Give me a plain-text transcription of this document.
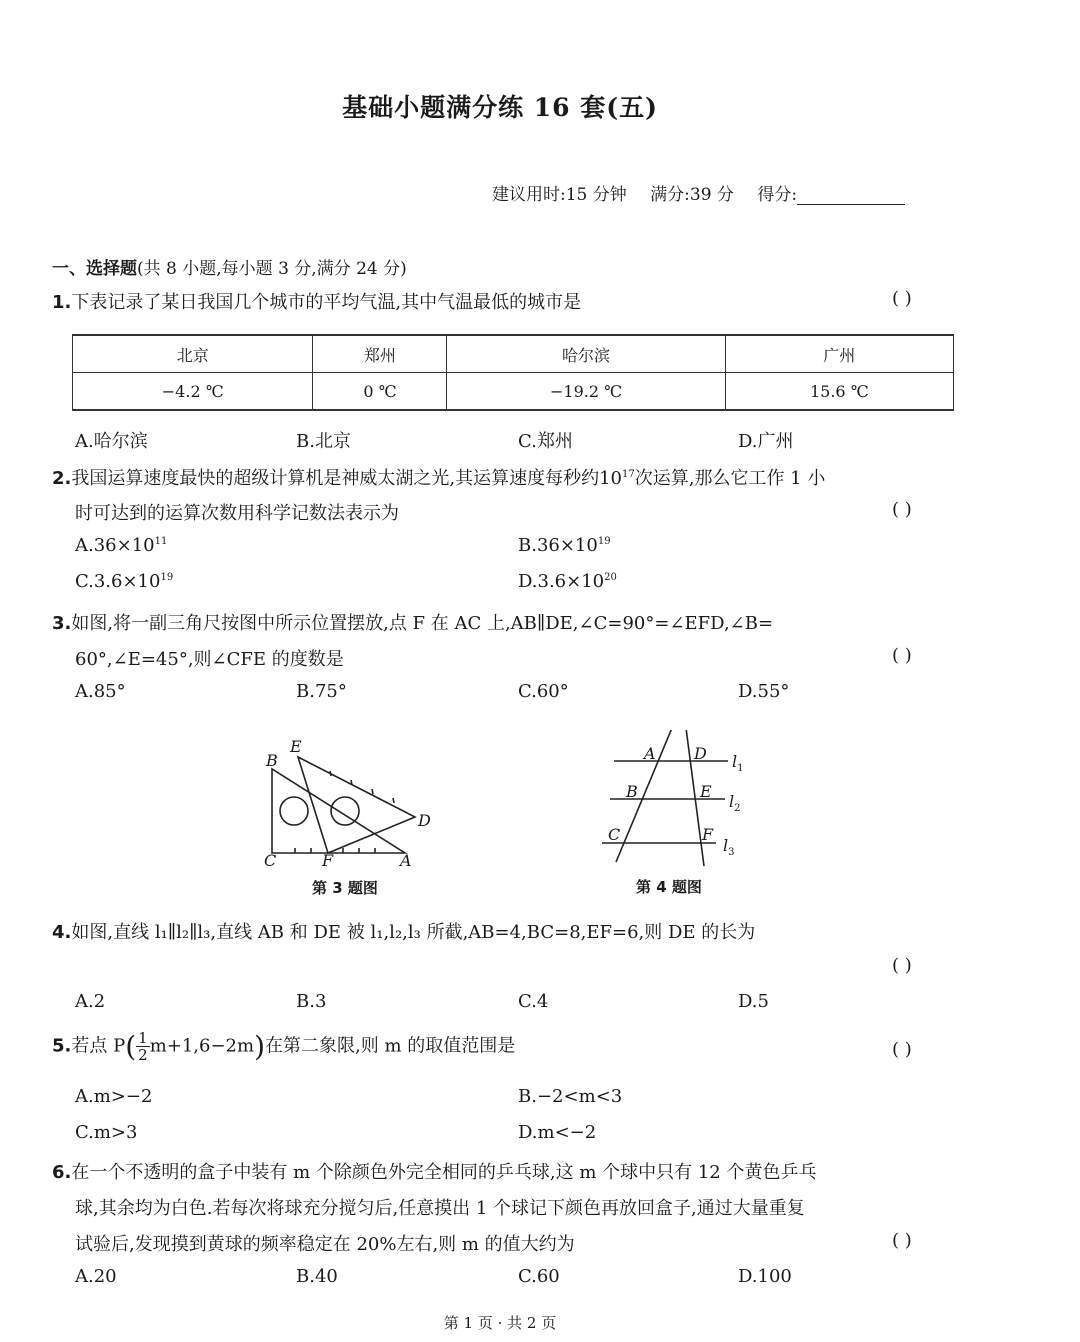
基础小题满分练 16 套(五)
建议用时:15 分钟 满分:39 分 得分:
一、选择题(共 8 小题,每小题 3 分,满分 24 分)
1.下表记录了某日我国几个城市的平均气温,其中气温最低的城市是	( )
北京	郑州	哈尔滨	广州
−4.2 ℃	0 ℃	−19.2 ℃	15.6 ℃
A.哈尔滨	B.北京	C.郑州	D.广州
2.我国运算速度最快的超级计算机是神威太湖之光,其运算速度每秒约$10^{17}$次运算,那么它工作 1 小
时可达到的运算次数用科学记数法表示为	( )
$A.36\times 10^{11}$	$B.36\times 10^{19}$
$C.3.6\times 10^{19}$	$D.3.6\times 10^{20}$
3.如图,将一副三角尺按图中所示位置摆放,点 F 在 AC 上,AB∥DE,∠C=90°=∠EFD,∠B=
60°,∠E=45°,则∠CFE 的度数是	( )
A.85°	B.75°	C.60°	D.55°
B
E
D
C	F	A
第 3 题图
A D
B	E
C	F
$l_1$
$l_2$
$l_3$
第 4 题图
4.如图,直线 l₁∥l₂∥l₃,直线 AB 和 DE 被 l₁,l₂,l₃ 所截,AB=4,BC=8,EF=6,则 DE 的长为
( )
A.2	B.3	C.4	D.5
5.若点 $P( \frac{1}{2} m+1,6-2m)$在第二象限,则 m 的取值范围是	( )
A.m>−2	B.−2<m<3
C.m>3	D.m<−2
6.在一个不透明的盒子中装有 m 个除颜色外完全相同的乒乓球,这 m 个球中只有 12 个黄色乒乓
球,其余均为白色.若每次将球充分搅匀后,任意摸出 1 个球记下颜色再放回盒子,通过大量重复
试验后,发现摸到黄球的频率稳定在 20%左右,则 m 的值大约为	( )
A.20	B.40	C.60	D.100
第 1 页 · 共 2 页
